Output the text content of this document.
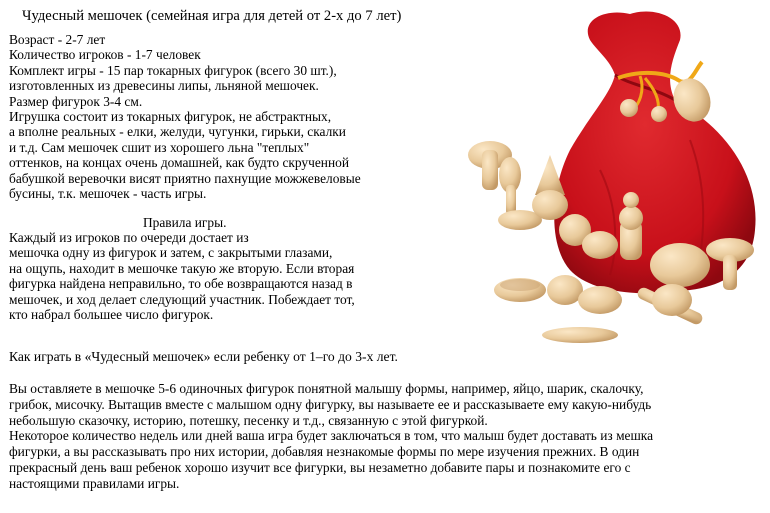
Чудесный мешочек (семейная игра для детей от 2-х до 7 лет)
Возраст - 2-7 лет
Количество игроков - 1-7 человек
Комплект игры - 15 пар токарных фигурок (всего 30 шт.),
изготовленных из древесины липы, льняной мешочек.
Размер фигурок 3-4 см.
Игрушка состоит из токарных фигурок, не абстрактных,
а вполне реальных - елки, желуди, чугунки, гирьки, скалки
и т.д. Сам мешочек сшит из хорошего льна "теплых"
оттенков, на концах очень домашней, как будто скрученной
бабушкой веревочки висят приятно пахнущие можжевеловые
бусины, т.к. мешочек - часть игры.
Правила игры.
Каждый из игроков по очереди достает из
мешочка одну из фигурок и затем, с закрытыми глазами,
на ощупь, находит в мешочке такую же вторую. Если вторая
фигурка найдена неправильно, то обе возвращаются назад в
мешочек, и ход делает следующий участник. Побеждает тот,
кто набрал большее число фигурок.
Как играть в «Чудесный мешочек» если ребенку от 1–го до 3-х лет.
Вы оставляете в мешочке 5-6 одиночных фигурок понятной малышу формы, например, яйцо, шарик, скалочку,
грибок, мисочку. Вытащив вместе с малышом одну фигурку, вы называете ее и рассказываете ему какую-нибудь
небольшую сказочку, историю, потешку, песенку и т.д., связанную с этой фигуркой.
Некоторое количество недель или дней ваша игра будет заключаться в том, что малыш будет доставать из мешка
фигурки, а вы рассказывать про них истории, добавляя незнакомые формы по мере изучения прежних. В один
прекрасный день ваш ребенок хорошо изучит все фигурки, вы незаметно добавите пары и познакомите его с
настоящими правилами игры.
